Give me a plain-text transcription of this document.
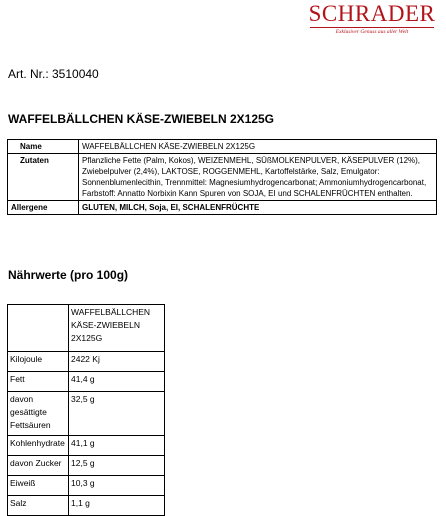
SCHRADER
Exklusiver Genuss aus aller Welt
Art. Nr.: 3510040
WAFFELBÄLLCHEN KÄSE-ZWIEBELN 2X125G
Name	WAFFELBÄLLCHEN KÄSE-ZWIEBELN 2X125G
Zutaten	Pflanzliche Fette (Palm, Kokos), WEIZENMEHL, SÜßMOLKENPULVER, KÄSEPULVER (12%), Zwiebelpulver (2,4%), LAKTOSE, ROGGENMEHL, Kartoffelstärke, Salz, Emulgator: Sonnenblumenlecithin, Trennmittel: Magnesiumhydrogencarbonat; Ammoniumhydrogencarbonat, Farbstoff: Annatto Norbixin Kann Spuren von SOJA, EI und SCHALENFRÜCHTEN enthalten.
Allergene	GLUTEN, MILCH, Soja, EI, SCHALENFRÜCHTE
Nährwerte (pro 100g)
	WAFFELBÄLLCHEN KÄSE-ZWIEBELN 2X125G
Kilojoule	2422 Kj
Fett	41,4 g
davon gesättigte Fettsäuren	32,5 g
Kohlenhydrate	41,1 g
davon Zucker	12,5 g
Eiweiß	10,3 g
Salz	1,1 g
